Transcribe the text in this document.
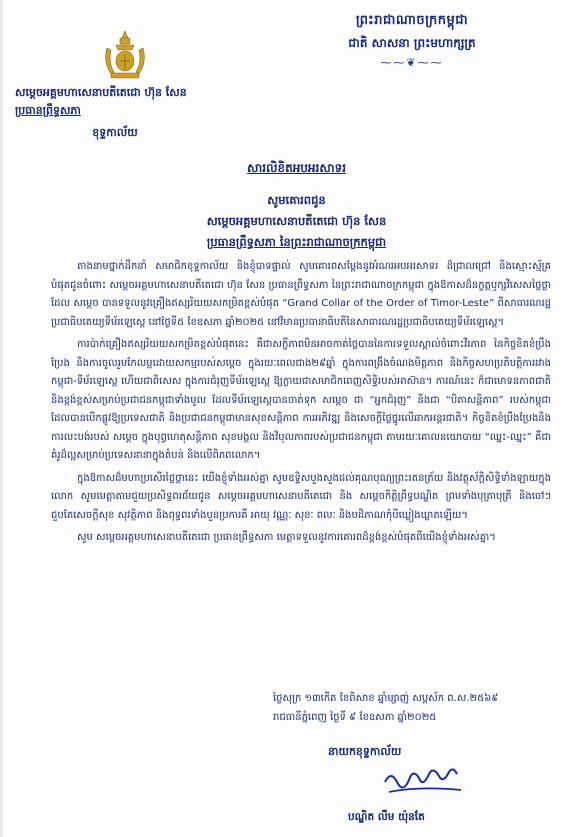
ព្រះរាជាណាចក្រកម្ពុជា
ជាតិ សាសនា ព្រះមហាក្សត្រ
⁓⁓❦⁓⁓
សម្តេចអគ្គមហាសេនាបតីតេជោ ហ៊ុន សែន
ប្រធានព្រឹទ្ធសភា
ខុទ្ទកាល័យ
សារលិខិតអបអរសាទរ
សូមគោរពជូន
សម្តេចអគ្គមហាសេនាបតីតេជោ ហ៊ុន សែន
ប្រធានព្រឹទ្ធសភា នៃព្រះរាជាណាចក្រកម្ពុជា

តាងនាមថ្នាក់ដឹកនាំ សមាជិកខុទ្ទកាល័យ និងខ្ញុំបាទផ្ទាល់ សូមគោរពសម្តែងនូវអំណរអបអរសាទរ ដ៏ជ្រាលជ្រៅ និងស្មោះស្ម័គ្របំផុតជូនចំពោះ សម្តេចអគ្គមហាសេនាបតីតេជោ ហ៊ុន សែន ប្រធានព្រឹទ្ធសភា នៃព្រះរាជាណាចក្រកម្ពុជា ក្នុងឱកាសដ៏នក្ខត្តឫក្សវិសេសថ្លៃថ្លា ដែល សម្តេច បានទទួលនូវគ្រឿងឥស្សរិយយសកម្រិតខ្ពស់បំផុត “Grand Collar of the Order of Timor-Leste” ពីសាធារណរដ្ឋប្រជាធិបតេយ្យទីម័រឡេស្តេ នៅថ្ងៃទី៥ ខែឧសភា ឆ្នាំ២០២៥ នៅវិមានប្រធានាធិបតីនៃសាធារណរដ្ឋប្រជាធិបតេយ្យទីម័រឡេស្តេ។

ការប៉ាក់គ្រឿងឥស្សរិយយសកម្រិតខ្ពស់បំផុតនេះ គឺជាសក្ខីភាពមិនអាចកាត់ថ្លៃបាននៃការទទួលស្គាល់ចំពោះវីរភាព នៃកិច្ចខិតខំប្រឹងប្រែង និងការចូលរួមកែលម្អដោយសកម្មរបស់សម្តេច ក្នុងរយៈពេលជាង២៩ឆ្នាំ ក្នុងការពង្រឹងចំណងមិត្តភាព និងកិច្ចសហប្រតិបត្តិការរវាងកម្ពុជា-ទីម័រឡេស្តេ ហើយជាពិសេស ក្នុងការជំរុញទីម័រឡេស្តេ ឱ្យក្លាយជាសមាជិកពេញសិទ្ធិរបស់អាស៊ាន។ ការណ៍នេះ ក៏ជាមោទនភាពជាតិនិងខ្ពង់ខ្ពស់សម្រាប់ប្រជាជនកម្ពុជាទាំងមូល ដែលទីម័រឡេស្តេបានចាត់ទុក សម្តេច ជា “អ្នកជំរុញ” និងជា “បិតាសន្តិភាព” របស់កម្ពុជា ដែលបានបើកផ្លូវឱ្យប្រទេសជាតិ និងប្រជាជនកម្ពុជាមានសុខសន្តិភាព ការអភិវឌ្ឍ និងសេចក្តីថ្លៃថ្នូរលើឆាកអន្តរជាតិ។ កិច្ចខិតខំប្រឹងប្រែងនិងការលះបង់របស់ សម្តេច ក្នុងបុព្វហេតុសន្តិភាព សុខមង្គល និងវិបុលភាពរបស់ប្រជាជនកម្ពុជា តាមរយៈគោលនយោបាយ “ឈ្នះ-ឈ្នះ” គឺជាគំរូដ៏ល្អសម្រាប់ប្រទេសនានាក្នុងតំបន់ និងលើពិភពលោក។

ក្នុងឱកាសដ៏មហាប្រសើរថ្លៃថ្លានេះ យើងខ្ញុំទាំងអស់គ្នា សូមឧទ្ទិសបួងសួងដល់គុណបុណ្យព្រះរតនត្រ័យ និងវត្ថុស័ក្តិសិទ្ធិទាំងឡាយក្នុងលោក សូមមេត្តាតាមជួយប្រសិទ្ធពរជ័យជូន សម្តេចអគ្គមហាសេនាបតីតេជោ និង សម្តេចកិត្តិព្រឹទ្ធបណ្ឌិត ព្រមទាំងបុត្រាបុត្រី និងចៅៗ ជួបតែសេចក្តីសុខ សុវត្ថិភាព និងពុទ្ធពរទាំងបួនប្រការគឺ អាយុ វណ្ណៈ សុខៈ ពលៈ និងបដិភាណកុំបីឃ្លៀងឃ្លាតឡើយ។

សូម សម្តេចអគ្គមហាសេនាបតីតេជោ ប្រធានព្រឹទ្ធសភា មេត្តាទទួលនូវការគោរពដ៏ខ្ពង់ខ្ពស់បំផុតពីយើងខ្ញុំទាំងអស់គ្នា។

ថ្ងៃសុក្រ ១៣កើត ខែពិសាខ ឆ្នាំម្សាញ់ សប្តស័ក ព.ស.២៥៦៩
រាជធានីភ្នំពេញ ថ្ងៃទី ៩ ខែឧសភា ឆ្នាំ២០២៥
នាយកខុទ្ទកាល័យ
បណ្ឌិត លឹម យ៉ុនតែ
